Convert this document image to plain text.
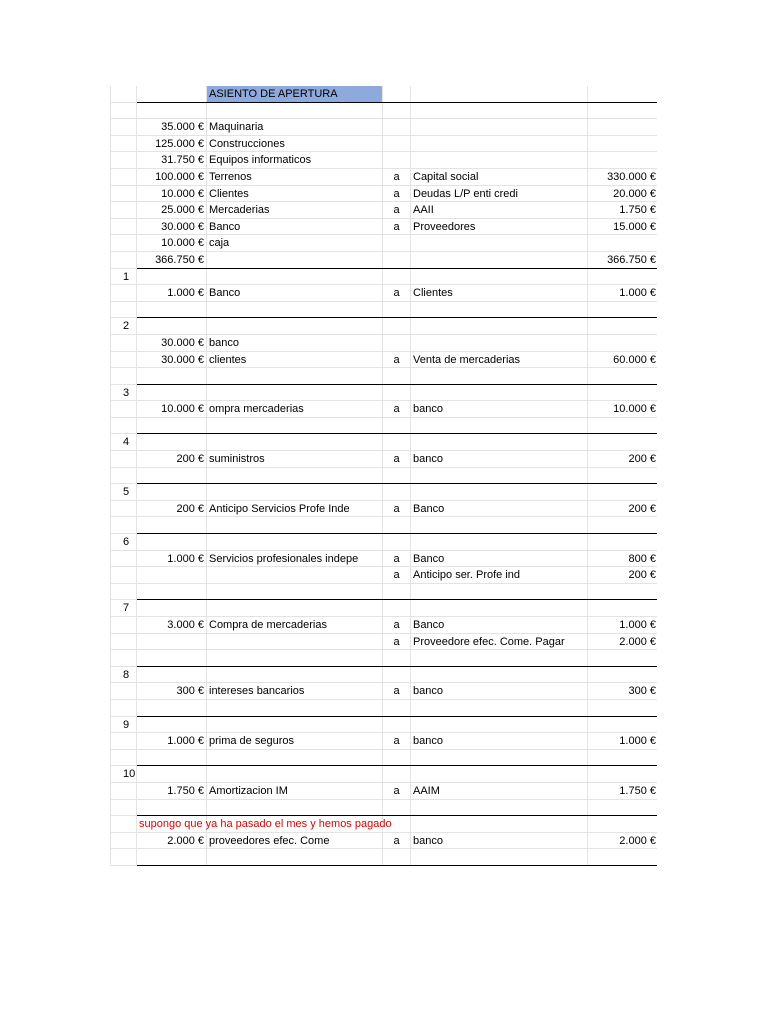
ASIENTO DE APERTURA
35.000 € Maquinaria
125.000 € Construcciones
31.750 € Equipos informaticos
100.000 € Terrenos	a	Capital social	330.000 €
10.000 € Clientes	a	Deudas L/P enti credi	20.000 €
25.000 € Mercaderias	a	AAII	1.750 €
30.000 € Banco	a	Proveedores	15.000 €
10.000 € caja
366.750 €	366.750 €
1
1.000 € Banco	a	Clientes	1.000 €
2
30.000 € banco
30.000 € clientes	a	Venta de mercaderias	60.000 €
3
10.000 € ompra mercaderias	a	banco	10.000 €
4
200 € suministros	a	banco	200 €
5
200 € Anticipo Servicios Profe Inde	a	Banco	200 €
6
1.000 € Servicios profesionales indepe	a	Banco	800 €
a	Anticipo ser. Profe ind	200 €
7
3.000 € Compra de mercaderias	a	Banco	1.000 €
a	Proveedore efec. Come. Pagar	2.000 €
8
300 € intereses bancarios	a	banco	300 €
9
1.000 € prima de seguros	a	banco	1.000 €
10
1.750 € Amortizacion IM	a	AAIM	1.750 €
supongo que ya ha pasado el mes y hemos pagado
2.000 € proveedores efec. Come	a	banco	2.000 €
